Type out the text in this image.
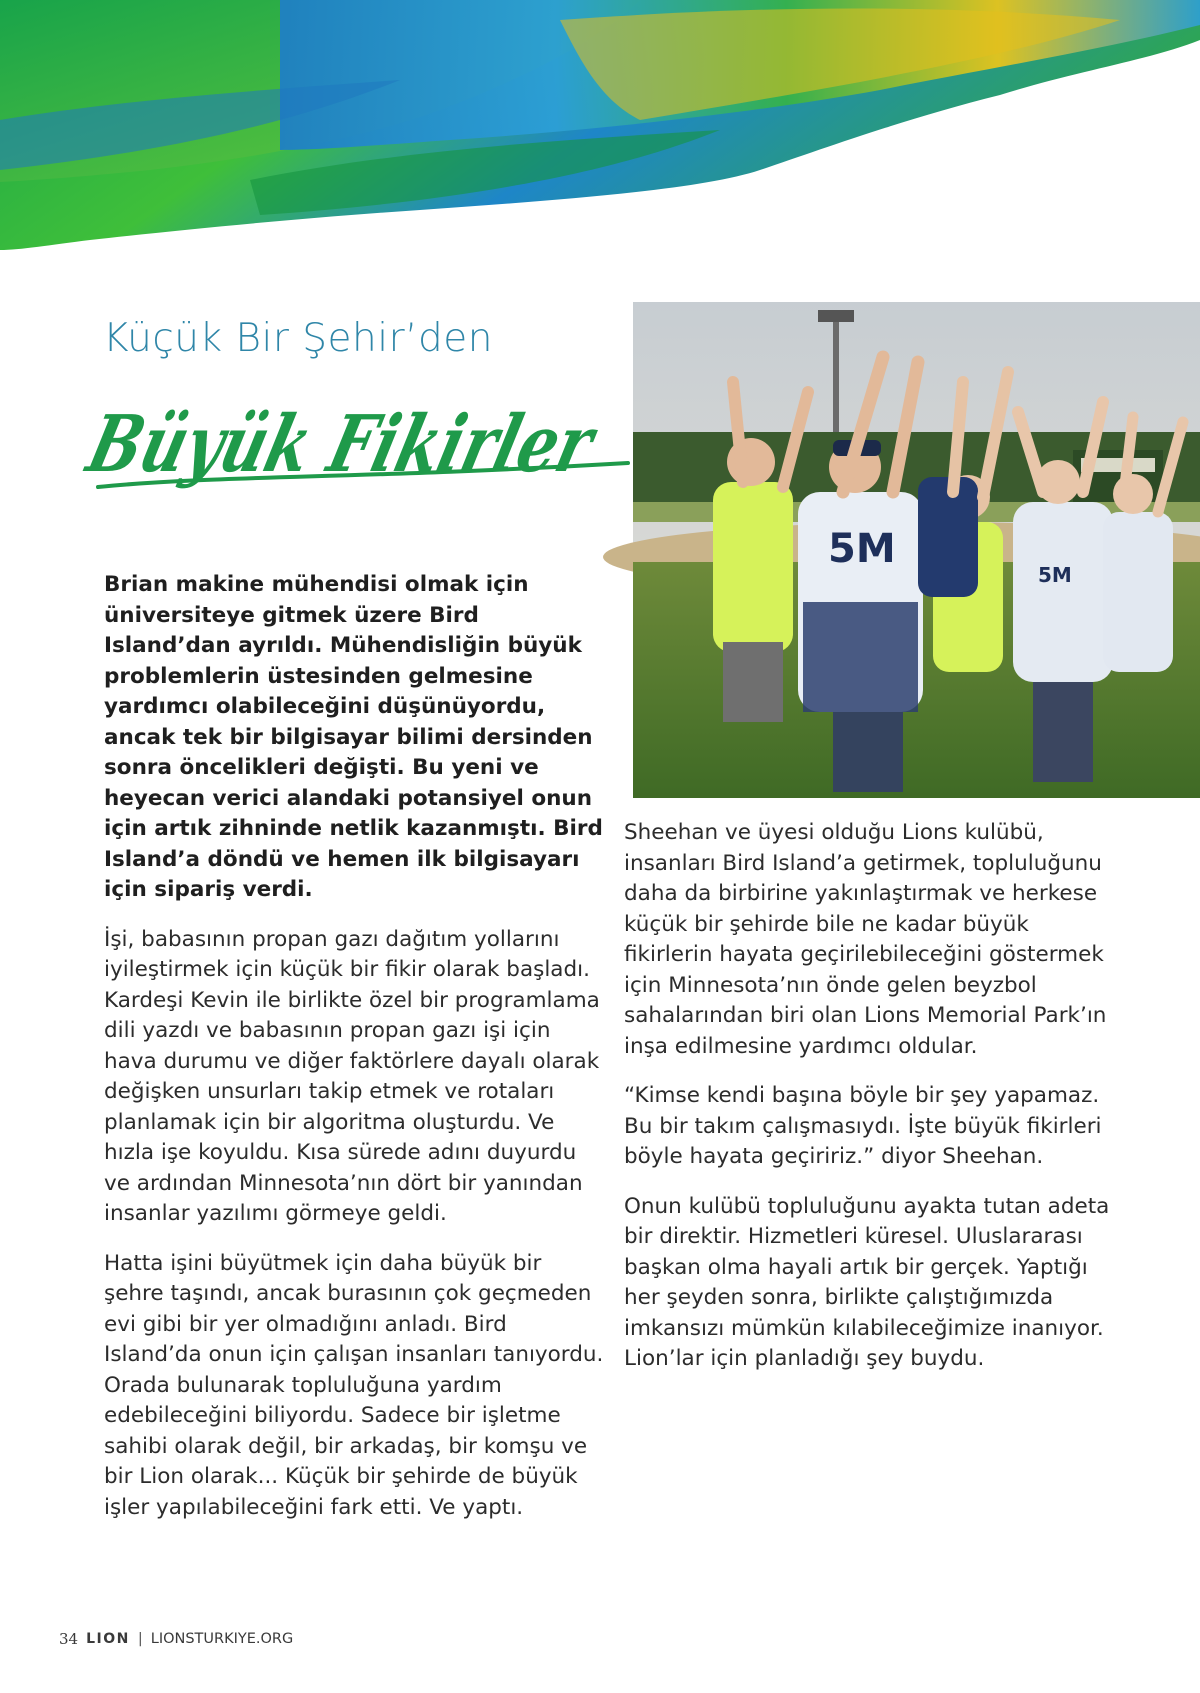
Küçük Bir Şehir’den
Büyük Fikirler
5M
5M

Brian makine mühendisi olmak için üniversiteye gitmek üzere Bird Island’dan ayrıldı. Mühendisliğin büyük problemlerin üstesinden gelmesine yardımcı olabileceğini düşünüyordu, ancak tek bir bilgisayar bilimi dersinden sonra öncelikleri değişti. Bu yeni ve heyecan verici alandaki potansiyel onun için artık zihninde netlik kazanmıştı. Bird Island’a döndü ve hemen ilk bilgisayarı için sipariş verdi.

İşi, babasının propan gazı dağıtım yollarını iyileştirmek için küçük bir fikir olarak başladı. Kardeşi Kevin ile birlikte özel bir programlama dili yazdı ve babasının propan gazı işi için hava durumu ve diğer faktörlere dayalı olarak değişken unsurları takip etmek ve rotaları planlamak için bir algoritma oluşturdu. Ve hızla işe koyuldu. Kısa sürede adını duyurdu ve ardından Minnesota’nın dört bir yanından insanlar yazılımı görmeye geldi.

Hatta işini büyütmek için daha büyük bir şehre taşındı, ancak burasının çok geçmeden evi gibi bir yer olmadığını anladı. Bird Island’da onun için çalışan insanları tanıyordu. Orada bulunarak topluluğuna yardım edebileceğini biliyordu. Sadece bir işletme sahibi olarak değil, bir arkadaş, bir komşu ve bir Lion olarak... Küçük bir şehirde de büyük işler yapılabileceğini fark etti. Ve yaptı.

Sheehan ve üyesi olduğu Lions kulübü, insanları Bird Island’a getirmek, topluluğunu daha da birbirine yakınlaştırmak ve herkese küçük bir şehirde bile ne kadar büyük fikirlerin hayata geçirilebileceğini göstermek için Minnesota’nın önde gelen beyzbol sahalarından biri olan Lions Memorial Park’ın inşa edilmesine yardımcı oldular.

“Kimse kendi başına böyle bir şey yapamaz. Bu bir takım çalışmasıydı. İşte büyük fikirleri böyle hayata geçiririz.” diyor Sheehan.

Onun kulübü topluluğunu ayakta tutan adeta bir direktir. Hizmetleri küresel. Uluslararası başkan olma hayali artık bir gerçek. Yaptığı her şeyden sonra, birlikte çalıştığımızda imkansızı mümkün kılabileceğimize inanıyor. Lion’lar için planladığı şey buydu.

34 LION | LIONSTURKIYE.ORG
